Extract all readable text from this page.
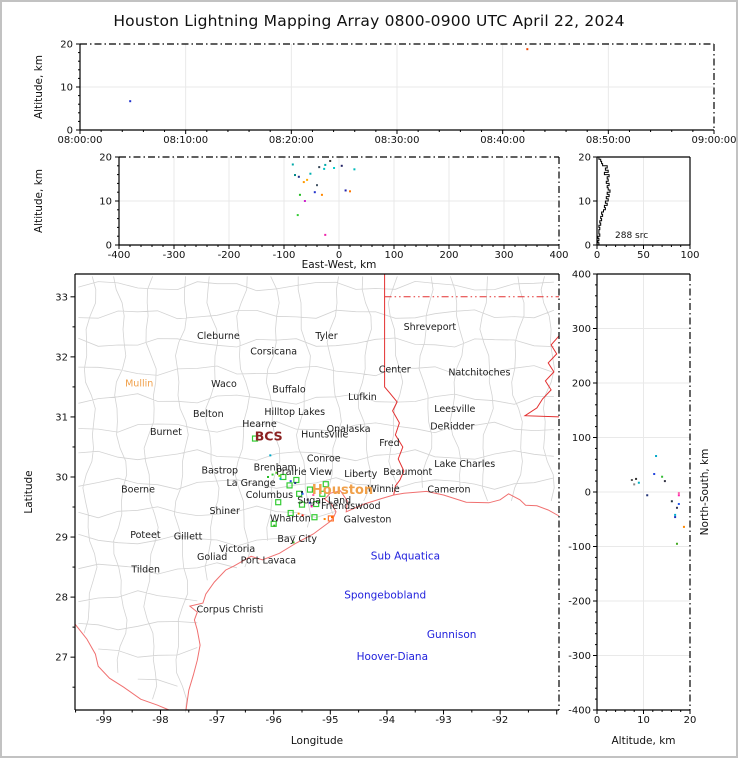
Houston Lightning Mapping Array 0800-0900 UTC April 22, 2024
0
10
20
08:00:00	08:10:00	08:20:00	08:30:00	08:40:00	08:50:00	09:00:00
Altitude, km
0
10
20
-400	-300	-200	-100	0	100	200	300	400
East-West, km
Altitude, km
0	50	100
0
10
20
288 src
Cleburne	Tyler
Corsicana
Shreveport
Mullin	Waco	Buffalo
Center	Natchitoches
Lufkin
Belton	Hilltop Lakes	Leesville
Hearne	Onalaska
Huntsville
DeRidder
Burnet	BCS	Fred
Conroe	Lake Charles
Bastrop Brenham
Prairie View Liberty Beaumont
Boerne
La Grange
Winnie	Cameron
Columbus Houston
Sugar Land
Friendswood
Shiner
Wharton	Galveston
Poteet Gillett	Bay City
Victoria
Goliad Port Lavaca
Tilden
Corpus Christi
Sub Aquatica
Spongebobland
Gunnison
Hoover-Diana
-99	-98	-97	-96	-95	-94	-93	-92
27
28
29
30
31
32
33
Longitude
Latitude
0	10	20
-400
-300
-200
-100
0
100
200
300
400
Altitude, km
North-South, km
